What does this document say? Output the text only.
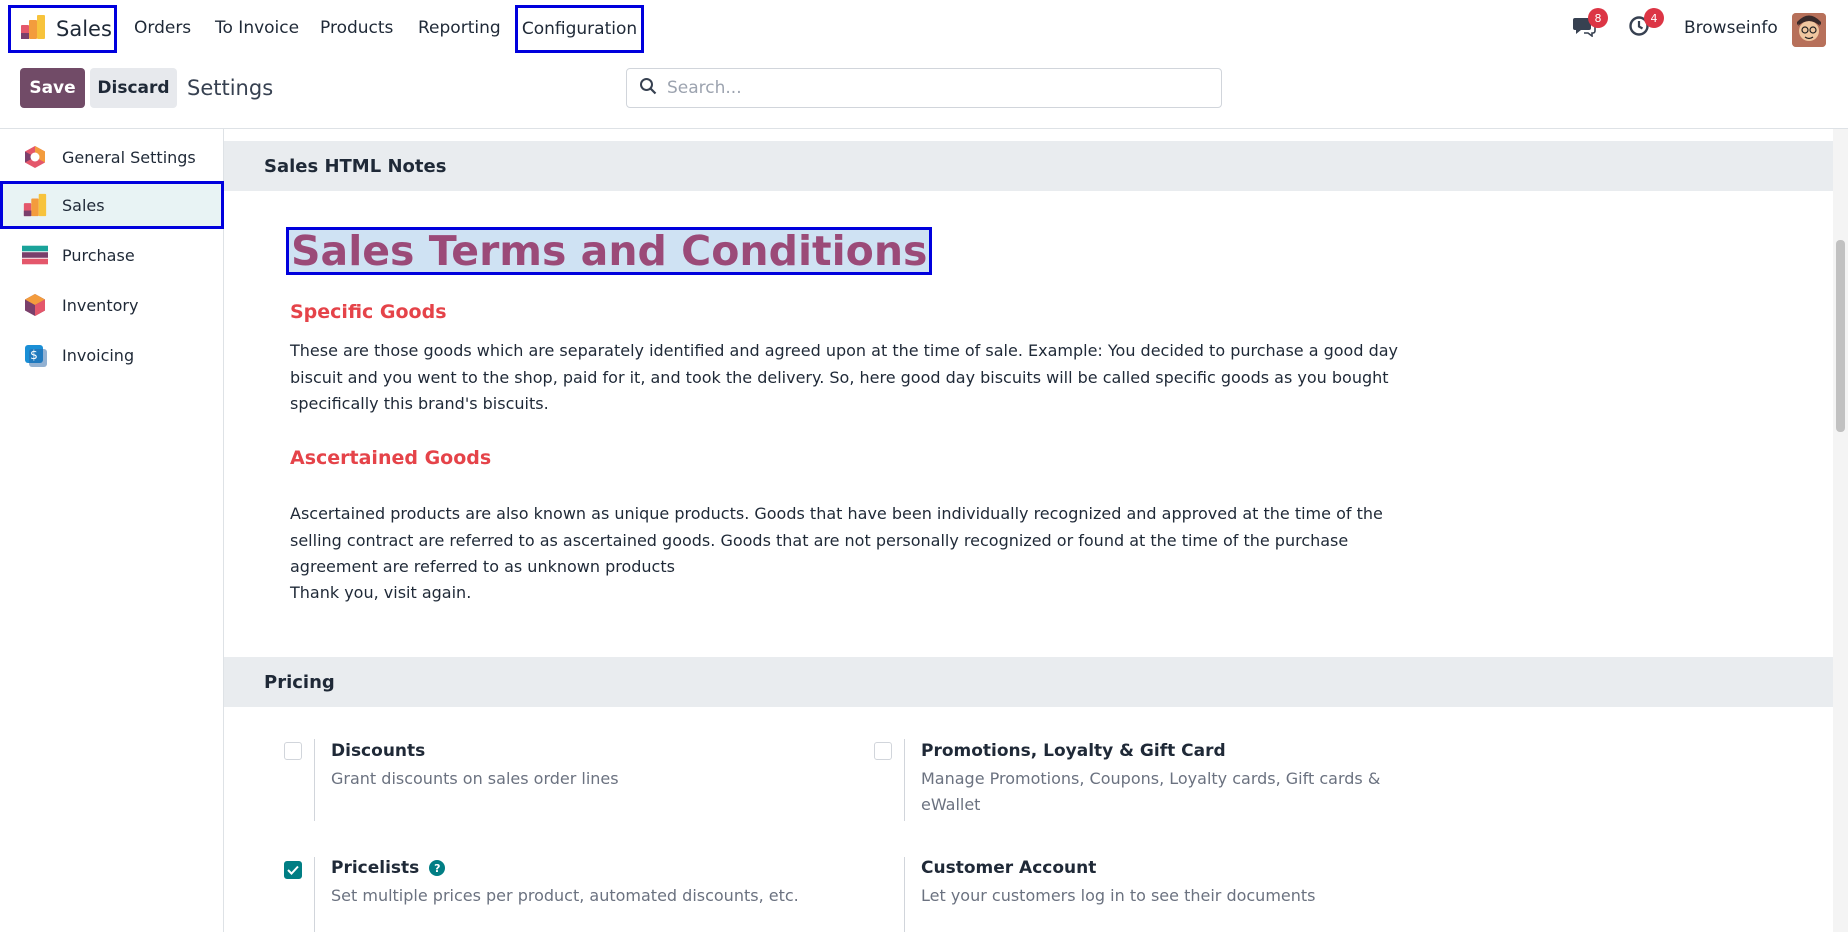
Sales Orders To Invoice Products Reporting	Configuration
8	4	Browseinfo
Save	Discard Settings
Search...
General Settings
Sales
Purchase
Inventory
$ Invoicing
Sales HTML Notes
Sales Terms and Conditions
Specific Goods
These are those goods which are separately identified and agreed upon at the time of sale. Example: You decided to purchase a good day biscuit and you went to the shop, paid for it, and took the delivery. So, here good day biscuits will be called specific goods as you bought specifically this brand's biscuits.
Ascertained Goods
Ascertained products are also known as unique products. Goods that have been individually recognized and approved at the time of the selling contract are referred to as ascertained goods. Goods that are not personally recognized or found at the time of the purchase agreement are referred to as unknown products
Thank you, visit again.
Pricing
Discounts
Grant discounts on sales order lines
Promotions, Loyalty & Gift Card
Manage Promotions, Coupons, Loyalty cards, Gift cards & eWallet
Pricelists ?
Set multiple prices per product, automated discounts, etc.
Customer Account
Let your customers log in to see their documents
